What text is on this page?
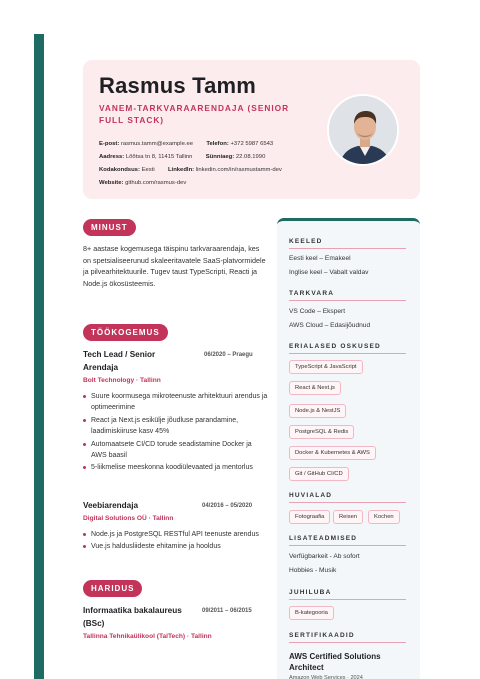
Rasmus Tamm
VANEM-TARKVARAARENDAJA (SENIOR FULL STACK)
E-post: rasmus.tamm@example.ee Telefon: +372 5987 6543
Aadress: Lõõtsa tn 8, 11415 Tallinn Sünniaeg: 22.08.1990
Kodakondsus: Eesti LinkedIn: linkedin.com/in/rasmustamm-dev
Website: github.com/rasmus-dev
MINUST
8+ aastase kogemusega täispinu tarkvaraarendaja, kes on spetsialiseerunud skaleeritavatele SaaS-platvormidele ja pilvearhitektuurile. Tugev taust TypeScripti, Reacti ja Node.js ökosüsteemis.
TÖÖKOGEMUS
Tech Lead / Senior Arendaja
06/2020 – Praegu
Bolt Technology · Tallinn
Suure koormusega mikroteenuste arhitektuuri arendus ja optimeerimine
React ja Next.js esikülje jõudluse parandamine, laadimiskiiruse kasv 45%
Automaatsete CI/CD torude seadistamine Docker ja AWS baasil
5-liikmelise meeskonna koodiülevaated ja mentorlus
Veebiarendaja	04/2016 – 05/2020
Digital Solutions OÜ · Tallinn
Node.js ja PostgreSQL RESTful API teenuste arendus
Vue.js haldusliideste ehitamine ja hooldus
HARIDUS
Informaatika bakalaureus (BSc)
09/2011 – 06/2015
Tallinna Tehnikaülikool (TalTech) · Tallinn
KEELED
Eesti keel – Emakeel
Inglise keel – Vabalt valdav
TARKVARA
VS Code – Ekspert
AWS Cloud – Edasijõudnud
ERIALASED OSKUSED
TypeScript & JavaScript
React & Next.js
Node.js & NestJS
PostgreSQL & Redis
Docker & Kubernetes & AWS
Git / GitHub CI/CD
HUVIALAD
Fotograafia	Reisen	Kochen
LISATEADMISED
Verfügbarkeit - Ab sofort
Hobbies - Musik
JUHILUBA
B-kategooria
SERTIFIKAADID
AWS Certified Solutions Architect
Amazon Web Services · 2024
